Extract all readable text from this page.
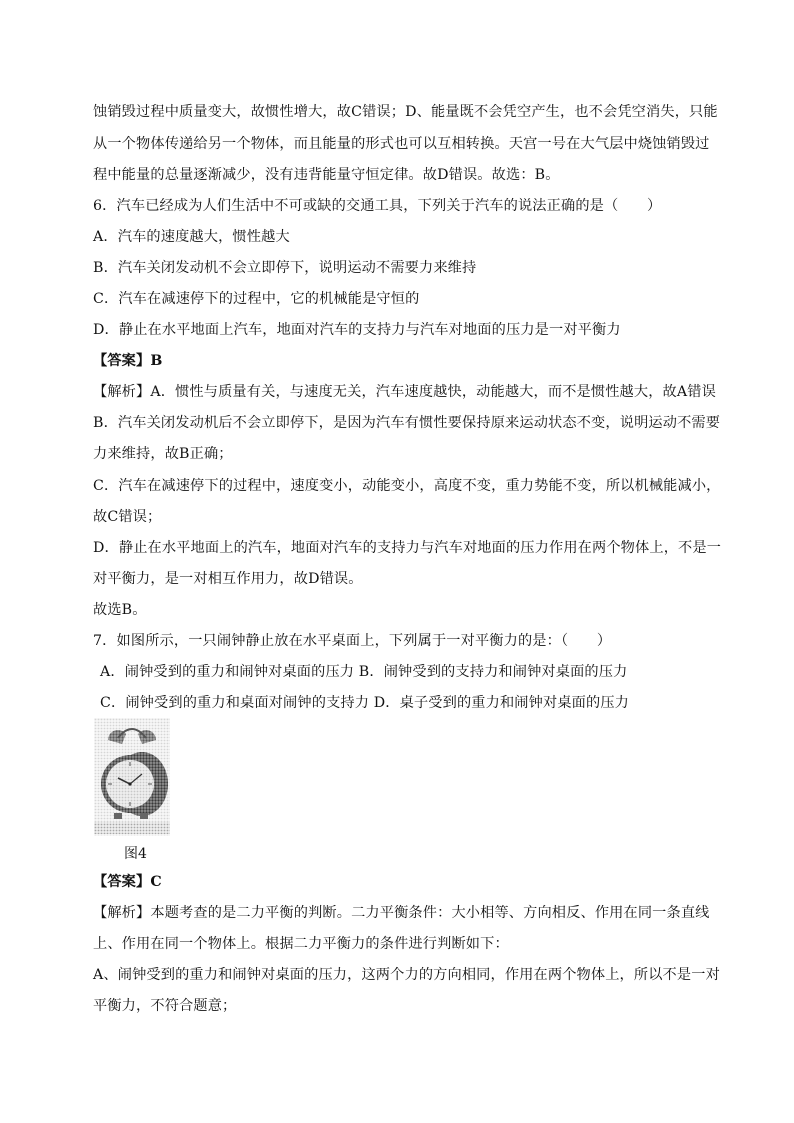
蚀销毁过程中质量变大，故惯性增大，故C错误；D、能量既不会凭空产生，也不会凭空消失，只能
从一个物体传递给另一个物体，而且能量的形式也可以互相转换。天宫一号在大气层中烧蚀销毁过
程中能量的总量逐渐减少，没有违背能量守恒定律。故D错误。故选：B。
6．汽车已经成为人们生活中不可或缺的交通工具，下列关于汽车的说法正确的是（　　）
A．汽车的速度越大，惯性越大
B．汽车关闭发动机不会立即停下，说明运动不需要力来维持
C．汽车在减速停下的过程中，它的机械能是守恒的
D．静止在水平地面上汽车，地面对汽车的支持力与汽车对地面的压力是一对平衡力
【答案】B
【解析】A．惯性与质量有关，与速度无关，汽车速度越快，动能越大，而不是惯性越大，故A错误
B．汽车关闭发动机后不会立即停下，是因为汽车有惯性要保持原来运动状态不变，说明运动不需要
力来维持，故B正确；
C．汽车在减速停下的过程中，速度变小，动能变小，高度不变，重力势能不变，所以机械能减小，
故C错误；
D．静止在水平地面上的汽车，地面对汽车的支持力与汽车对地面的压力作用在两个物体上，不是一
对平衡力，是一对相互作用力，故D错误。
故选B。
7．如图所示，一只闹钟静止放在水平桌面上，下列属于一对平衡力的是：（　　）
A．闹钟受到的重力和闹钟对桌面的压力 B．闹钟受到的支持力和闹钟对桌面的压力
C．闹钟受到的重力和桌面对闹钟的支持力 D．桌子受到的重力和闹钟对桌面的压力
图4
【答案】C
【解析】本题考查的是二力平衡的判断。二力平衡条件：大小相等、方向相反、作用在同一条直线
上、作用在同一个物体上。根据二力平衡力的条件进行判断如下：
A、闹钟受到的重力和闹钟对桌面的压力，这两个力的方向相同，作用在两个物体上，所以不是一对
平衡力，不符合题意；
